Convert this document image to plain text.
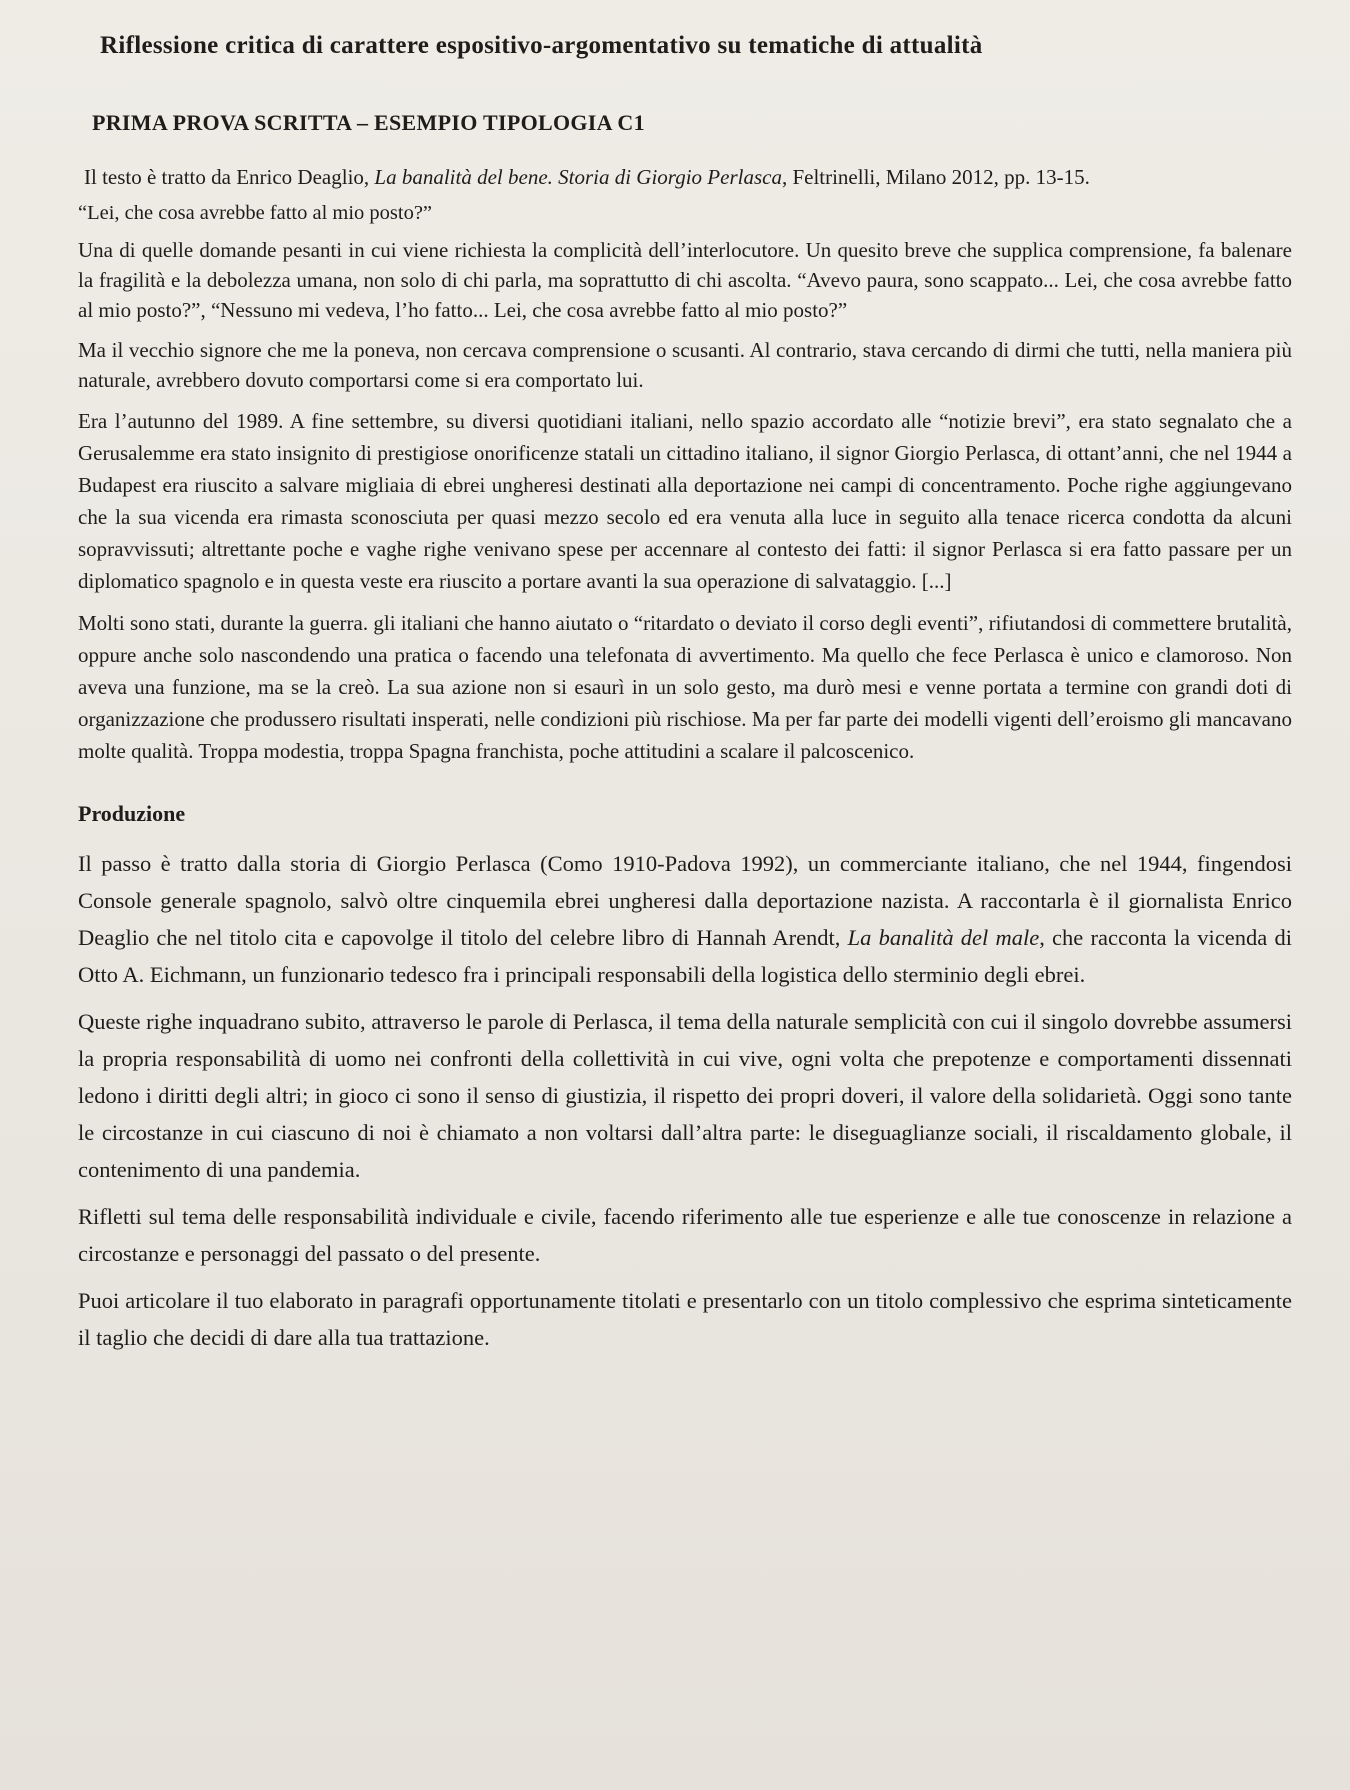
Riflessione critica di carattere espositivo-argomentativo su tematiche di attualità
PRIMA PROVA SCRITTA – ESEMPIO TIPOLOGIA C1

Il testo è tratto da Enrico Deaglio, La banalità del bene. Storia di Giorgio Perlasca, Feltrinelli, Milano 2012, pp. 13-15.

“Lei, che cosa avrebbe fatto al mio posto?”

Una di quelle domande pesanti in cui viene richiesta la complicità dell’interlocutore. Un quesito breve che supplica comprensione, fa balenare la fragilità e la debolezza umana, non solo di chi parla, ma soprattutto di chi ascolta. “Avevo paura, sono scappato... Lei, che cosa avrebbe fatto al mio posto?”, “Nessuno mi vedeva, l’ho fatto... Lei, che cosa avrebbe fatto al mio posto?”

Ma il vecchio signore che me la poneva, non cercava comprensione o scusanti. Al contrario, stava cercando di dirmi che tutti, nella maniera più naturale, avrebbero dovuto comportarsi come si era comportato lui.

Era l’autunno del 1989. A fine settembre, su diversi quotidiani italiani, nello spazio accordato alle “notizie brevi”, era stato segnalato che a Gerusalemme era stato insignito di prestigiose onorificenze statali un cittadino italiano, il signor Giorgio Perlasca, di ottant’anni, che nel 1944 a Budapest era riuscito a salvare migliaia di ebrei ungheresi destinati alla deportazione nei campi di concentramento. Poche righe aggiungevano che la sua vicenda era rimasta sconosciuta per quasi mezzo secolo ed era venuta alla luce in seguito alla tenace ricerca condotta da alcuni sopravvissuti; altrettante poche e vaghe righe venivano spese per accennare al contesto dei fatti: il signor Perlasca si era fatto passare per un diplomatico spagnolo e in questa veste era riuscito a portare avanti la sua operazione di salvataggio. [...]

Molti sono stati, durante la guerra. gli italiani che hanno aiutato o “ritardato o deviato il corso degli eventi”, rifiutandosi di commettere brutalità, oppure anche solo nascondendo una pratica o facendo una telefonata di avvertimento. Ma quello che fece Perlasca è unico e clamoroso. Non aveva una funzione, ma se la creò. La sua azione non si esaurì in un solo gesto, ma durò mesi e venne portata a termine con grandi doti di organizzazione che produssero risultati insperati, nelle condizioni più rischiose. Ma per far parte dei modelli vigenti dell’eroismo gli mancavano molte qualità. Troppa modestia, troppa Spagna franchista, poche attitudini a scalare il palcoscenico.

Produzione

Il passo è tratto dalla storia di Giorgio Perlasca (Como 1910-Padova 1992), un commerciante italiano, che nel 1944, fingendosi Console generale spagnolo, salvò oltre cinquemila ebrei ungheresi dalla deportazione nazista. A raccontarla è il giornalista Enrico Deaglio che nel titolo cita e capovolge il titolo del celebre libro di Hannah Arendt, La banalità del male, che racconta la vicenda di Otto A. Eichmann, un funzionario tedesco fra i principali responsabili della logistica dello sterminio degli ebrei.

Queste righe inquadrano subito, attraverso le parole di Perlasca, il tema della naturale semplicità con cui il singolo dovrebbe assumersi la propria responsabilità di uomo nei confronti della collettività in cui vive, ogni volta che prepotenze e comportamenti dissennati ledono i diritti degli altri; in gioco ci sono il senso di giustizia, il rispetto dei propri doveri, il valore della solidarietà. Oggi sono tante le circostanze in cui ciascuno di noi è chiamato a non voltarsi dall’altra parte: le diseguaglianze sociali, il riscaldamento globale, il contenimento di una pandemia.

Rifletti sul tema delle responsabilità individuale e civile, facendo riferimento alle tue esperienze e alle tue conoscenze in relazione a circostanze e personaggi del passato o del presente.

Puoi articolare il tuo elaborato in paragrafi opportunamente titolati e presentarlo con un titolo complessivo che esprima sinteticamente il taglio che decidi di dare alla tua trattazione.
